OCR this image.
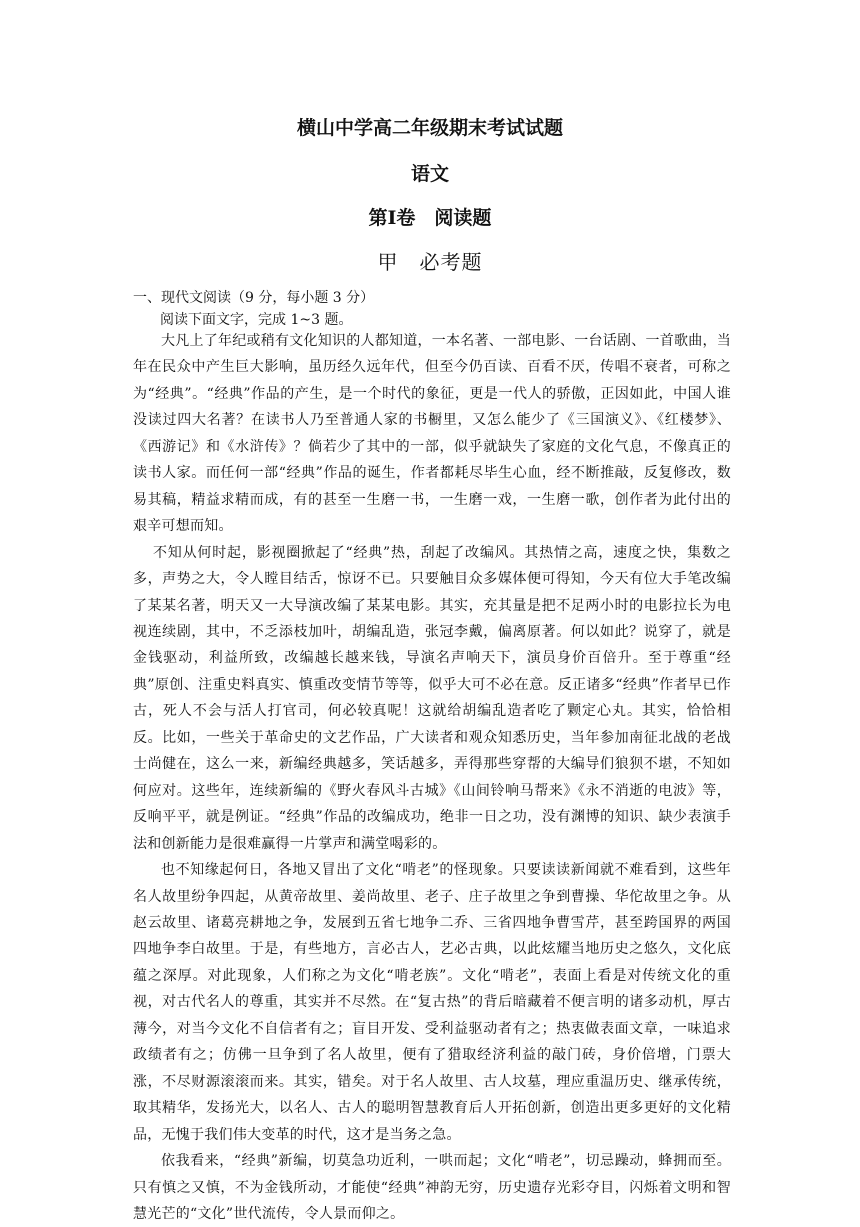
横山中学高二年级期末考试试题
语文
第Ⅰ卷　阅读题
甲　必考题
一、现代文阅读（9 分，每小题 3 分）
阅读下面文字，完成 1~3 题。

大凡上了年纪或稍有文化知识的人都知道，一本名著、一部电影、一台话剧、一首歌曲，当年在民众中产生巨大影响，虽历经久远年代，但至今仍百读、百看不厌，传唱不衰者，可称之为“经典”。“经典”作品的产生，是一个时代的象征，更是一代人的骄傲，正因如此，中国人谁没读过四大名著？在读书人乃至普通人家的书橱里，又怎么能少了《三国演义》、《红楼梦》、《西游记》和《水浒传》？倘若少了其中的一部，似乎就缺失了家庭的文化气息，不像真正的读书人家。而任何一部“经典”作品的诞生，作者都耗尽毕生心血，经不断推敲，反复修改，数易其稿，精益求精而成，有的甚至一生磨一书，一生磨一戏，一生磨一歌，创作者为此付出的艰辛可想而知。

不知从何时起，影视圈掀起了“经典”热，刮起了改编风。其热情之高，速度之快，集数之多，声势之大，令人瞠目结舌，惊讶不已。只要触目众多媒体便可得知，今天有位大手笔改编了某某名著，明天又一大导演改编了某某电影。其实，充其量是把不足两小时的电影拉长为电视连续剧，其中，不乏添枝加叶，胡编乱造，张冠李戴，偏离原著。何以如此？说穿了，就是金钱驱动，利益所致，改编越长越来钱，导演名声响天下，演员身价百倍升。至于尊重“经典”原创、注重史料真实、慎重改变情节等等，似乎大可不必在意。反正诸多“经典”作者早已作古，死人不会与活人打官司，何必较真呢！这就给胡编乱造者吃了颗定心丸。其实，恰恰相反。比如，一些关于革命史的文艺作品，广大读者和观众知悉历史，当年参加南征北战的老战士尚健在，这么一来，新编经典越多，笑话越多，弄得那些穿帮的大编导们狼狈不堪，不知如何应对。这些年，连续新编的《野火春风斗古城》《山间铃响马帮来》《永不消逝的电波》等，反响平平，就是例证。“经典”作品的改编成功，绝非一日之功，没有渊博的知识、缺少表演手法和创新能力是很难赢得一片掌声和满堂喝彩的。

也不知缘起何日，各地又冒出了文化“啃老”的怪现象。只要读读新闻就不难看到，这些年名人故里纷争四起，从黄帝故里、姜尚故里、老子、庄子故里之争到曹操、华佗故里之争。从赵云故里、诸葛亮耕地之争，发展到五省七地争二乔、三省四地争曹雪芹，甚至跨国界的两国四地争李白故里。于是，有些地方，言必古人，艺必古典，以此炫耀当地历史之悠久，文化底蕴之深厚。对此现象，人们称之为文化“啃老族”。文化“啃老”，表面上看是对传统文化的重视，对古代名人的尊重，其实并不尽然。在“复古热”的背后暗藏着不便言明的诸多动机，厚古薄今，对当今文化不自信者有之；盲目开发、受利益驱动者有之；热衷做表面文章，一味追求政绩者有之；仿佛一旦争到了名人故里，便有了猎取经济利益的敲门砖，身价倍增，门票大涨，不尽财源滚滚而来。其实，错矣。对于名人故里、古人坟墓，理应重温历史、继承传统，取其精华，发扬光大，以名人、古人的聪明智慧教育后人开拓创新，创造出更多更好的文化精品，无愧于我们伟大变革的时代，这才是当务之急。

依我看来，“经典”新编，切莫急功近利，一哄而起；文化“啃老”，切忌躁动，蜂拥而至。只有慎之又慎，不为金钱所动，才能使“经典”神韵无穷，历史遗存光彩夺目，闪烁着文明和智慧光芒的“文化”世代流传，令人景而仰之。
